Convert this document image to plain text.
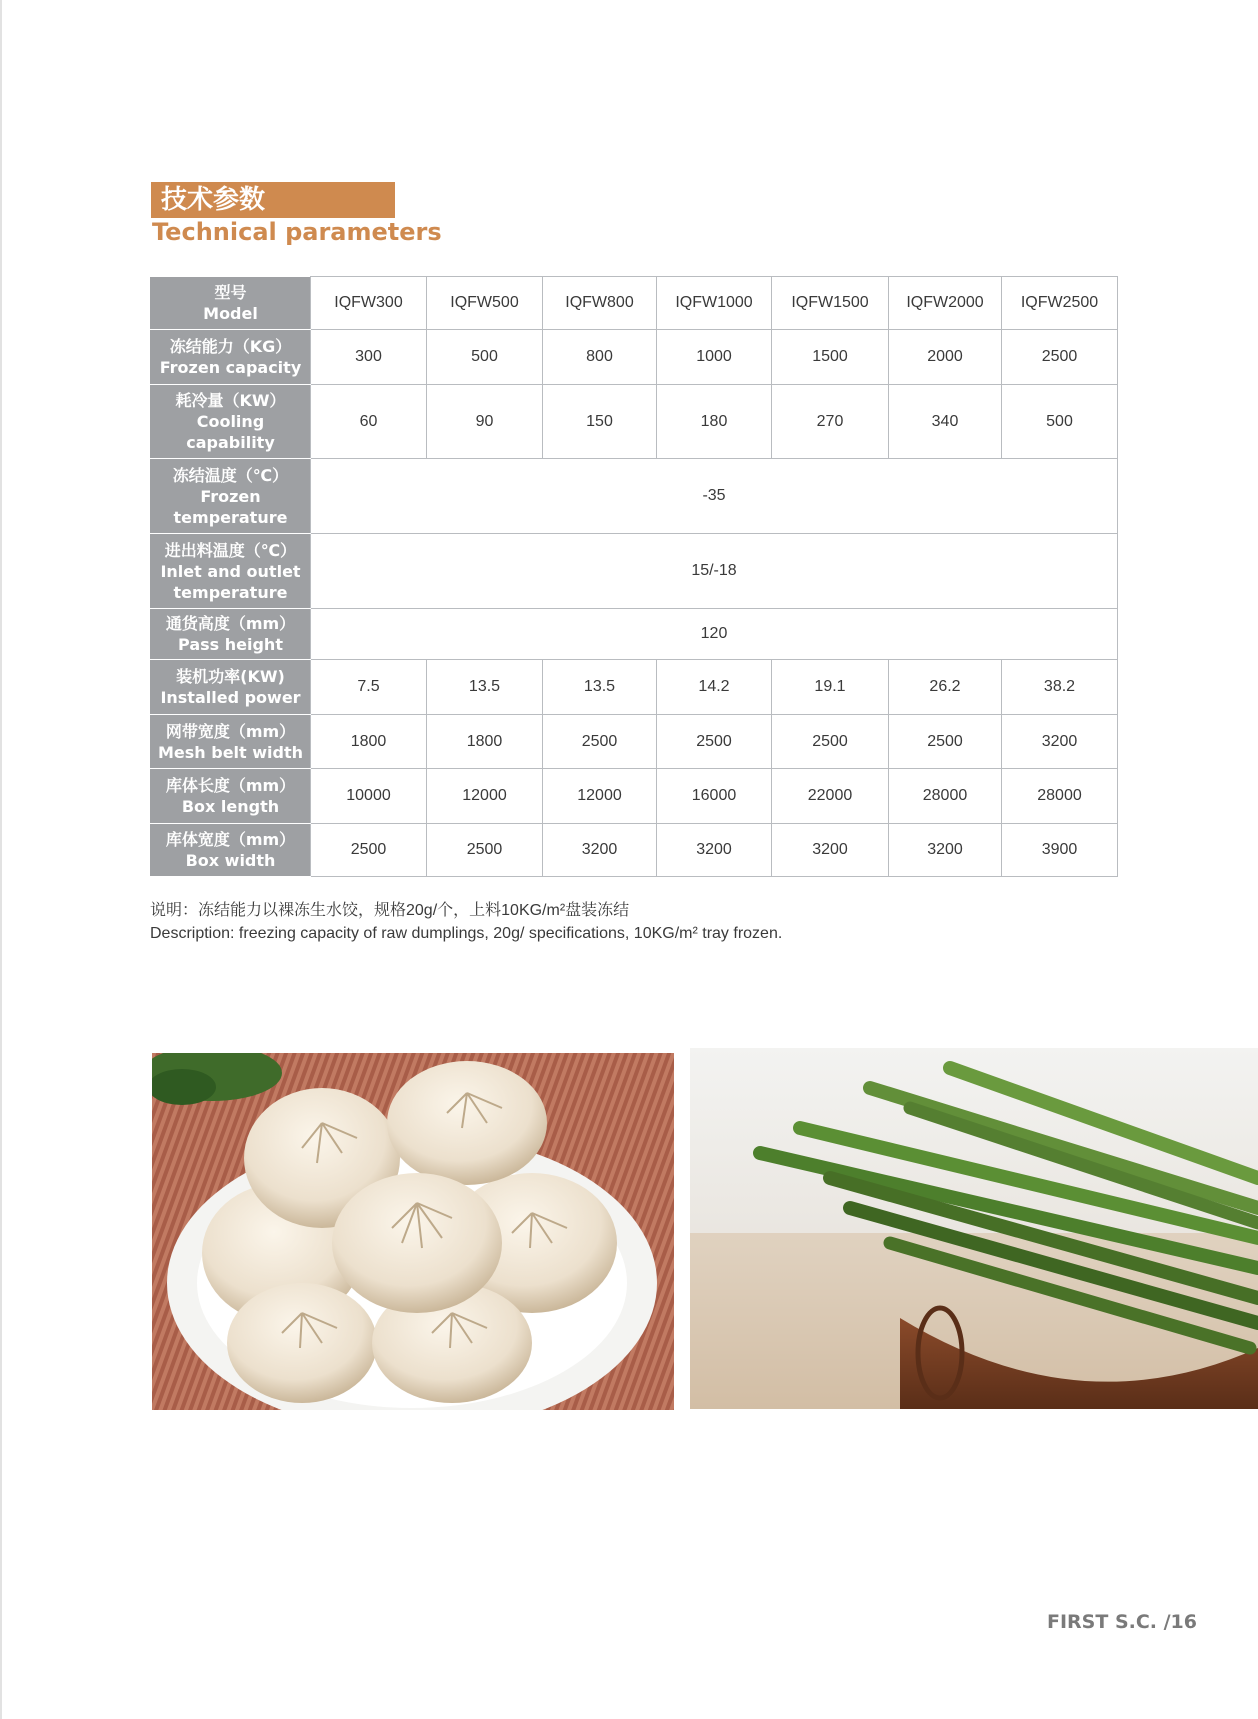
技术参数
Technical parameters
型号
Model	IQFW300	IQFW500	IQFW800	IQFW1000	IQFW1500	IQFW2000	IQFW2500

冻结能力（KG）
Frozen capacity	300	500	800	1000	1500	2000	2500

耗冷量（KW）
Cooling capability	60	90	150	180	270	340	500

冻结温度（℃）
Frozen temperature	-35						

进出料温度（℃）
Inlet and outlet temperature	15/-18						

通货高度（mm）
Pass height	120						

装机功率(KW)
Installed power	7.5	13.5	13.5	14.2	19.1	26.2	38.2

网带宽度（mm）
Mesh belt width	1800	1800	2500	2500	2500	2500	3200

库体长度（mm）
Box length	10000	12000	12000	16000	22000	28000	28000

库体宽度（mm）
Box width	2500	2500	3200	3200	3200	3200	3900
说明：冻结能力以裸冻生水饺，规格20g/个，上料10KG/m²盘装冻结
Description: freezing capacity of raw dumplings, 20g/ specifications, 10KG/m² tray frozen.
FIRST S.C. /16
